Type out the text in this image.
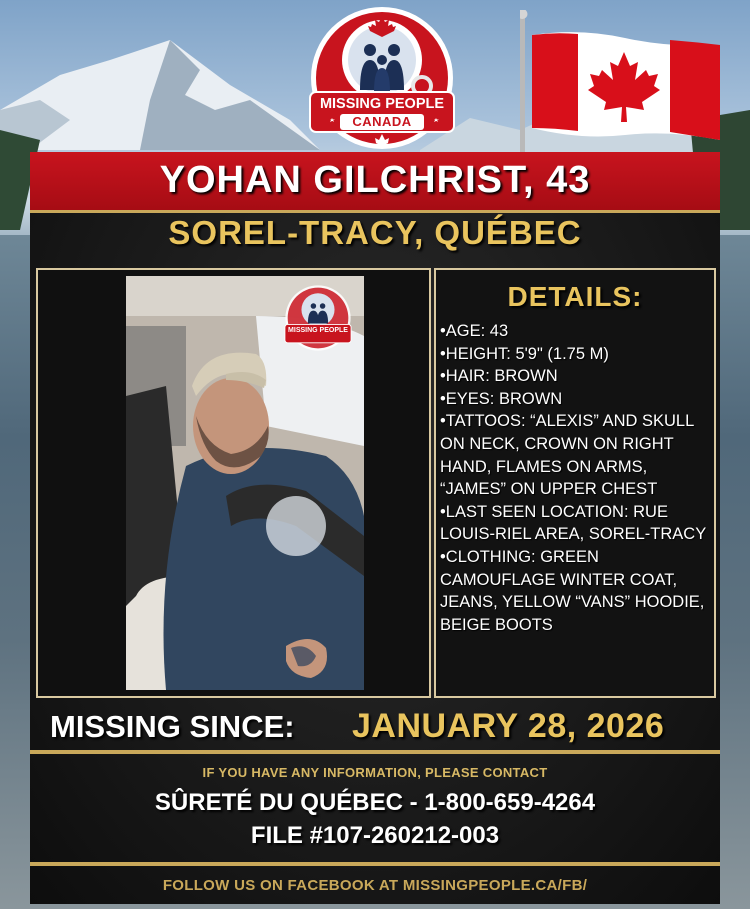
MISSING PEOPLE
CANADA
YOHAN GILCHRIST, 43
SOREL-TRACY, QUÉBEC
MISSING PEOPLE
CANADA
DETAILS:
• AGE: 43
• HEIGHT: 5'9" (1.75 M)
• HAIR: BROWN
• EYES: BROWN
• TATTOOS: “ALEXIS” AND SKULL ON NECK, CROWN ON RIGHT HAND, FLAMES ON ARMS, “JAMES” ON UPPER CHEST
• LAST SEEN LOCATION: RUE LOUIS-RIEL AREA, SOREL-TRACY
• CLOTHING: GREEN CAMOUFLAGE WINTER COAT, JEANS, YELLOW “VANS” HOODIE, BEIGE BOOTS
MISSING SINCE: JANUARY 28, 2026
IF YOU HAVE ANY INFORMATION, PLEASE CONTACT
SÛRETÉ DU QUÉBEC - 1-800-659-4264
FILE #107-260212-003
FOLLOW US ON FACEBOOK AT MISSINGPEOPLE.CA/FB/
